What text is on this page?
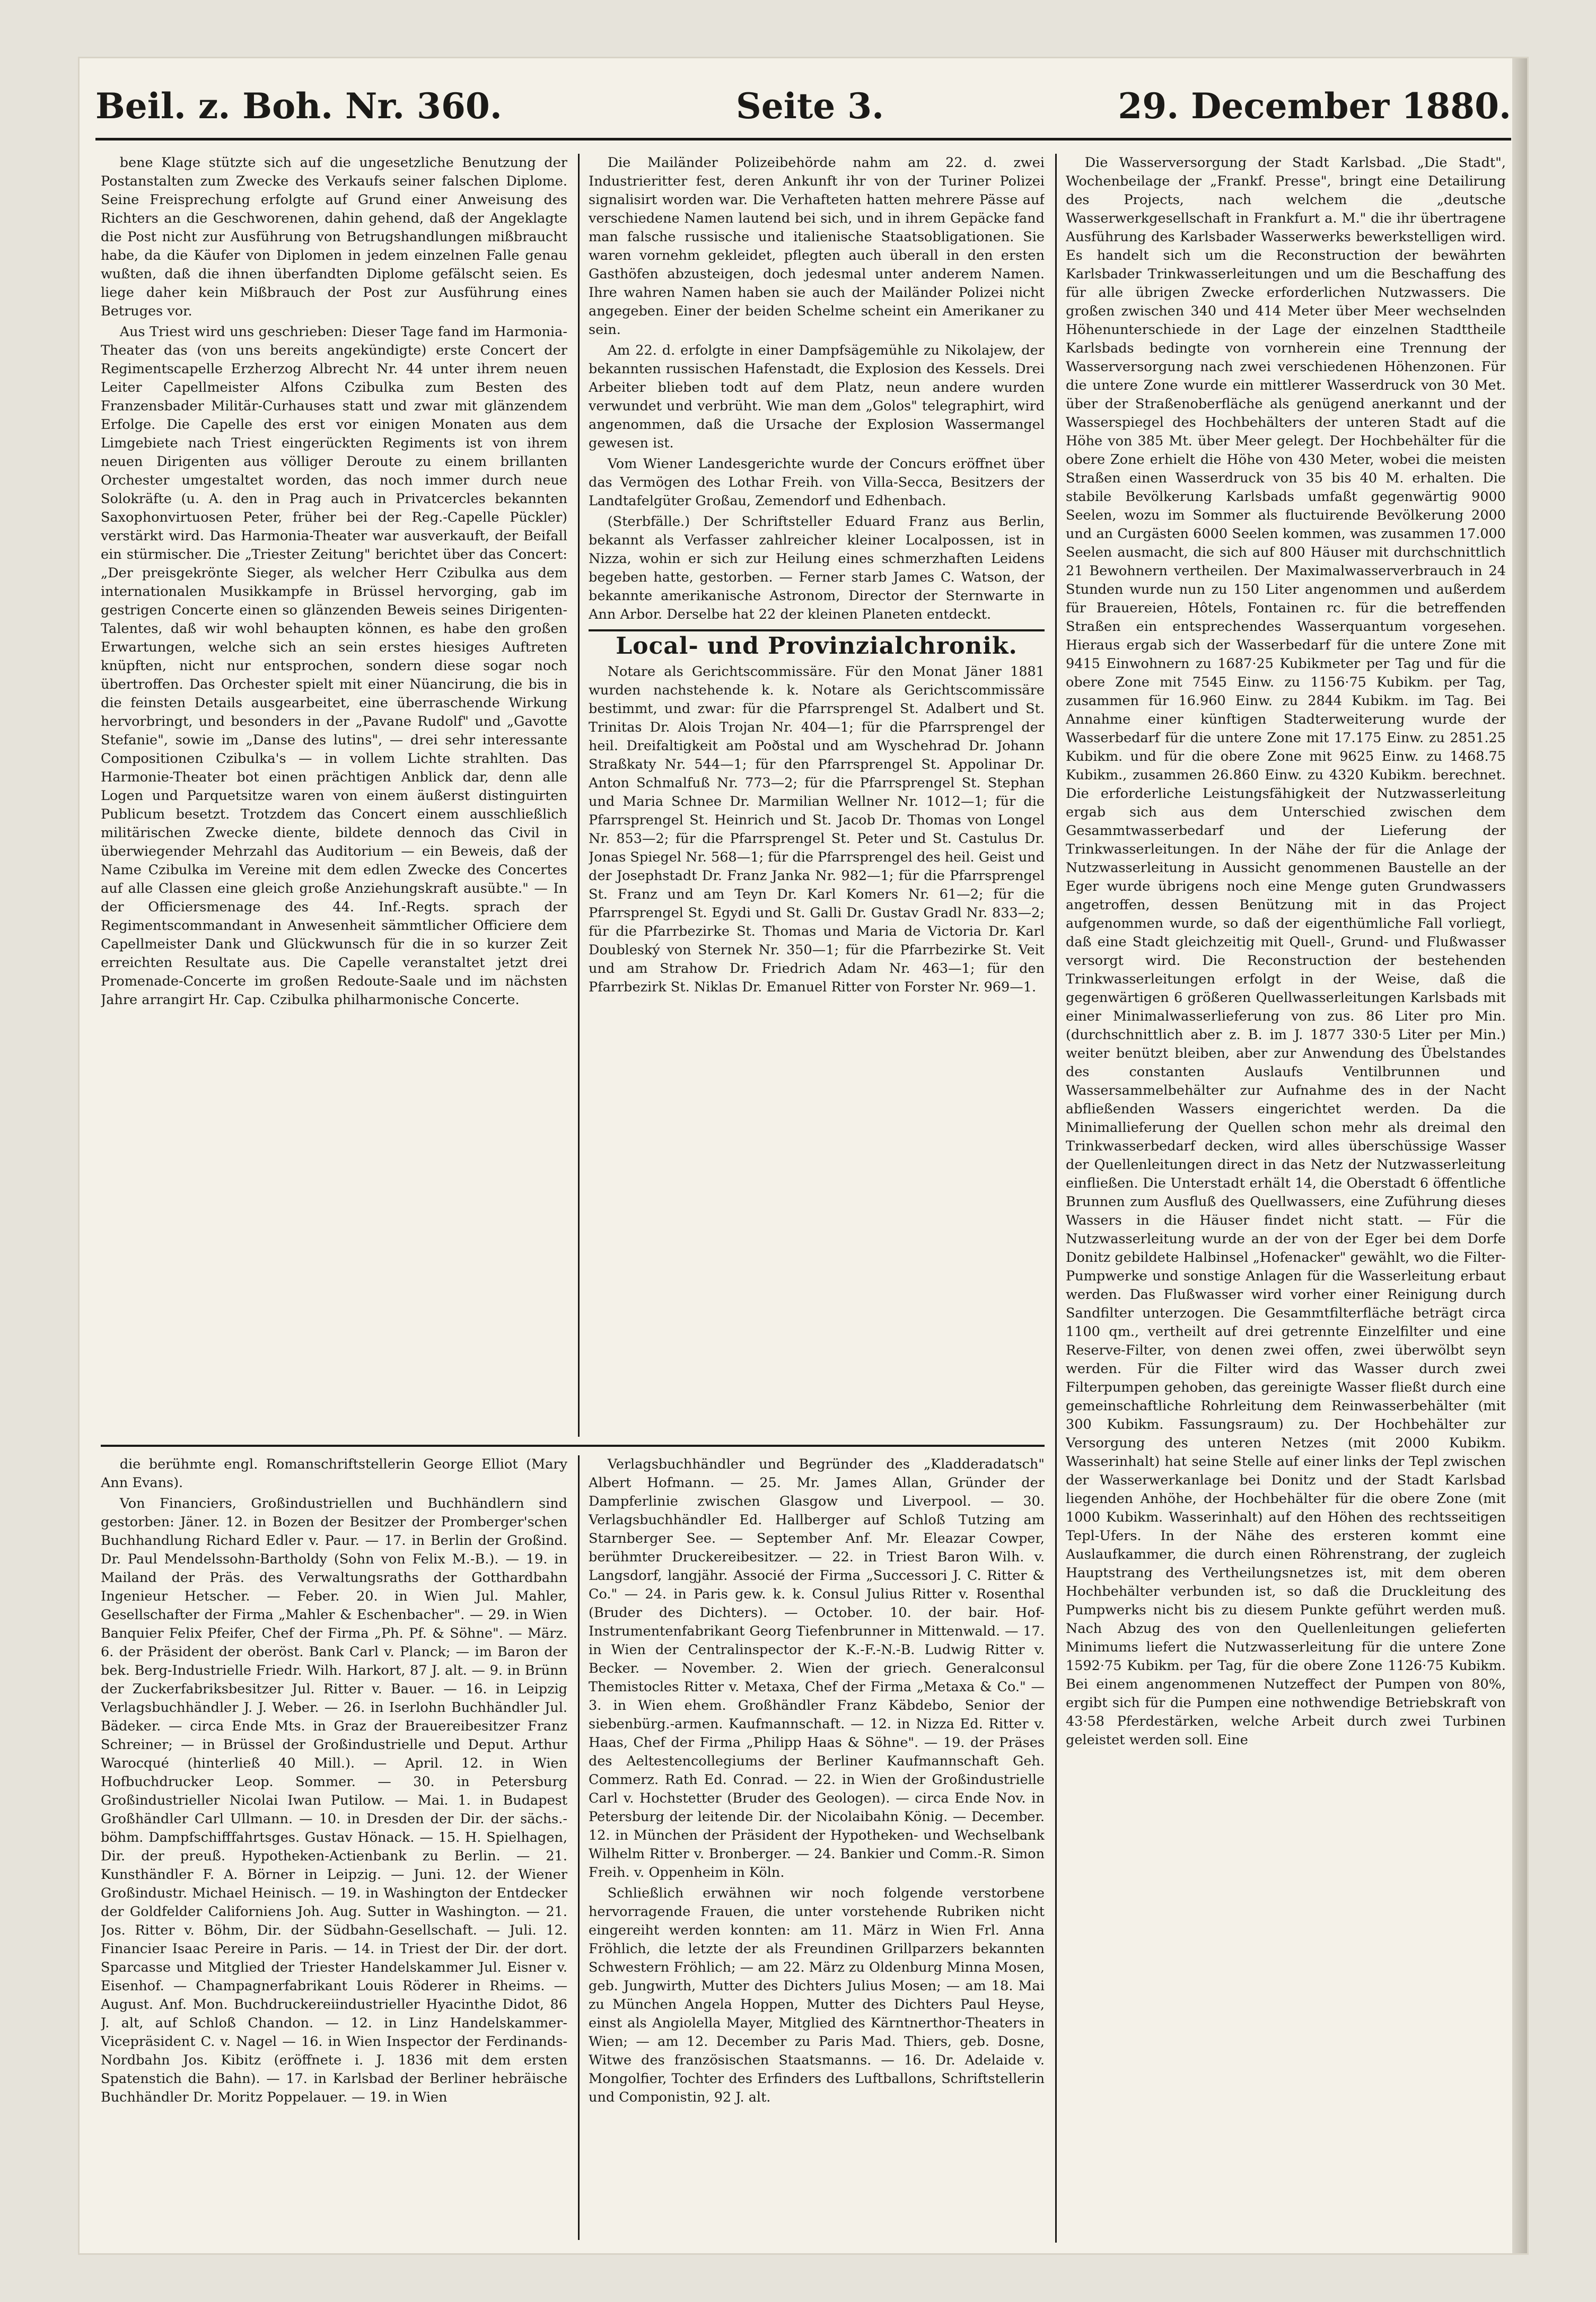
Beil. z. Boh. Nr. 360.	Seite 3.	29. December 1880.

bene Klage stützte sich auf die ungesetzliche Benutzung der Postanstalten zum Zwecke des Verkaufs seiner falschen Diplome. Seine Freisprechung erfolgte auf Grund einer Anweisung des Richters an die Geschworenen, dahin gehend, daß der Angeklagte die Post nicht zur Ausführung von Betrugshandlungen mißbraucht habe, da die Käufer von Diplomen in jedem einzelnen Falle genau wußten, daß die ihnen überfandten Diplome gefälscht seien. Es liege daher kein Mißbrauch der Post zur Ausführung eines Betruges vor.

Aus Triest wird uns geschrieben: Dieser Tage fand im Harmonia-Theater das (von uns bereits angekündigte) erste Concert der Regimentscapelle Erzherzog Albrecht Nr. 44 unter ihrem neuen Leiter Capellmeister Alfons Czibulka zum Besten des Franzensbader Militär-Curhauses statt und zwar mit glänzendem Erfolge. Die Capelle des erst vor einigen Monaten aus dem Limgebiete nach Triest eingerückten Regiments ist von ihrem neuen Dirigenten aus völliger Deroute zu einem brillanten Orchester umgestaltet worden, das noch immer durch neue Solokräfte (u. A. den in Prag auch in Privatcercles bekannten Saxophonvirtuosen Peter, früher bei der Reg.-Capelle Pückler) verstärkt wird. Das Harmonia-Theater war ausverkauft, der Beifall ein stürmischer. Die „Triester Zeitung" berichtet über das Concert: „Der preisgekrönte Sieger, als welcher Herr Czibulka aus dem internationalen Musikkampfe in Brüssel hervorging, gab im gestrigen Concerte einen so glänzenden Beweis seines Dirigenten-Talentes, daß wir wohl behaupten können, es habe den großen Erwartungen, welche sich an sein erstes hiesiges Auftreten knüpften, nicht nur entsprochen, sondern diese sogar noch übertroffen. Das Orchester spielt mit einer Nüancirung, die bis in die feinsten Details ausgearbeitet, eine überraschende Wirkung hervorbringt, und besonders in der „Pavane Rudolf" und „Gavotte Stefanie", sowie im „Danse des lutins", — drei sehr interessante Compositionen Czibulka's — in vollem Lichte strahlten. Das Harmonie-Theater bot einen prächtigen Anblick dar, denn alle Logen und Parquetsitze waren von einem äußerst distinguirten Publicum besetzt. Trotzdem das Concert einem ausschließlich militärischen Zwecke diente, bildete dennoch das Civil in überwiegender Mehrzahl das Auditorium — ein Beweis, daß der Name Czibulka im Vereine mit dem edlen Zwecke des Concertes auf alle Classen eine gleich große Anziehungskraft ausübte." — In der Officiersmenage des 44. Inf.-Regts. sprach der Regimentscommandant in Anwesenheit sämmtlicher Officiere dem Capellmeister Dank und Glückwunsch für die in so kurzer Zeit erreichten Resultate aus. Die Capelle veranstaltet jetzt drei Promenade-Concerte im großen Redoute-Saale und im nächsten Jahre arrangirt Hr. Cap. Czibulka philharmonische Concerte.

Die Mailänder Polizeibehörde nahm am 22. d. zwei Industrieritter fest, deren Ankunft ihr von der Turiner Polizei signalisirt worden war. Die Verhafteten hatten mehrere Pässe auf verschiedene Namen lautend bei sich, und in ihrem Gepäcke fand man falsche russische und italienische Staatsobligationen. Sie waren vornehm gekleidet, pflegten auch überall in den ersten Gasthöfen abzusteigen, doch jedesmal unter anderem Namen. Ihre wahren Namen haben sie auch der Mailänder Polizei nicht angegeben. Einer der beiden Schelme scheint ein Amerikaner zu sein.

Am 22. d. erfolgte in einer Dampfsägemühle zu Nikolajew, der bekannten russischen Hafenstadt, die Explosion des Kessels. Drei Arbeiter blieben todt auf dem Platz, neun andere wurden verwundet und verbrüht. Wie man dem „Golos" telegraphirt, wird angenommen, daß die Ursache der Explosion Wassermangel gewesen ist.

Vom Wiener Landesgerichte wurde der Concurs eröffnet über das Vermögen des Lothar Freih. von Villa-Secca, Besitzers der Landtafelgüter Großau, Zemendorf und Edhenbach.

(Sterbfälle.) Der Schriftsteller Eduard Franz aus Berlin, bekannt als Verfasser zahlreicher kleiner Localpossen, ist in Nizza, wohin er sich zur Heilung eines schmerzhaften Leidens begeben hatte, gestorben. — Ferner starb James C. Watson, der bekannte amerikanische Astronom, Director der Sternwarte in Ann Arbor. Derselbe hat 22 der kleinen Planeten entdeckt.

Local- und Provinzialchronik.

Notare als Gerichtscommissäre. Für den Monat Jäner 1881 wurden nachstehende k. k. Notare als Gerichtscommissäre bestimmt, und zwar: für die Pfarrsprengel St. Adalbert und St. Trinitas Dr. Alois Trojan Nr. 404—1; für die Pfarrsprengel der heil. Dreifaltigkeit am Poðstal und am Wyschehrad Dr. Johann Straßkaty Nr. 544—1; für den Pfarrsprengel St. Appolinar Dr. Anton Schmalfuß Nr. 773—2; für die Pfarrsprengel St. Stephan und Maria Schnee Dr. Marmilian Wellner Nr. 1012—1; für die Pfarrsprengel St. Heinrich und St. Jacob Dr. Thomas von Longel Nr. 853—2; für die Pfarrsprengel St. Peter und St. Castulus Dr. Jonas Spiegel Nr. 568—1; für die Pfarrsprengel des heil. Geist und der Josephstadt Dr. Franz Janka Nr. 982—1; für die Pfarrsprengel St. Franz und am Teyn Dr. Karl Komers Nr. 61—2; für die Pfarrsprengel St. Egydi und St. Galli Dr. Gustav Gradl Nr. 833—2; für die Pfarrbezirke St. Thomas und Maria de Victoria Dr. Karl Doubleský von Sternek Nr. 350—1; für die Pfarrbezirke St. Veit und am Strahow Dr. Friedrich Adam Nr. 463—1; für den Pfarrbezirk St. Niklas Dr. Emanuel Ritter von Forster Nr. 969—1.

Die Wasserversorgung der Stadt Karlsbad. „Die Stadt", Wochenbeilage der „Frankf. Presse", bringt eine Detailirung des Projects, nach welchem die „deutsche Wasserwerkgesellschaft in Frankfurt a. M." die ihr übertragene Ausführung des Karlsbader Wasserwerks bewerkstelligen wird. Es handelt sich um die Reconstruction der bewährten Karlsbader Trinkwasserleitungen und um die Beschaffung des für alle übrigen Zwecke erforderlichen Nutzwassers. Die großen zwischen 340 und 414 Meter über Meer wechselnden Höhenunterschiede in der Lage der einzelnen Stadttheile Karlsbads bedingte von vornherein eine Trennung der Wasserversorgung nach zwei verschiedenen Höhenzonen. Für die untere Zone wurde ein mittlerer Wasserdruck von 30 Met. über der Straßenoberfläche als genügend anerkannt und der Wasserspiegel des Hochbehälters der unteren Stadt auf die Höhe von 385 Mt. über Meer gelegt. Der Hochbehälter für die obere Zone erhielt die Höhe von 430 Meter, wobei die meisten Straßen einen Wasserdruck von 35 bis 40 M. erhalten. Die stabile Bevölkerung Karlsbads umfaßt gegenwärtig 9000 Seelen, wozu im Sommer als fluctuirende Bevölkerung 2000 und an Curgästen 6000 Seelen kommen, was zusammen 17.000 Seelen ausmacht, die sich auf 800 Häuser mit durchschnittlich 21 Bewohnern vertheilen. Der Maximalwasserverbrauch in 24 Stunden wurde nun zu 150 Liter angenommen und außerdem für Brauereien, Hôtels, Fontainen rc. für die betreffenden Straßen ein entsprechendes Wasserquantum vorgesehen. Hieraus ergab sich der Wasserbedarf für die untere Zone mit 9415 Einwohnern zu 1687·25 Kubikmeter per Tag und für die obere Zone mit 7545 Einw. zu 1156·75 Kubikm. per Tag, zusammen für 16.960 Einw. zu 2844 Kubikm. im Tag. Bei Annahme einer künftigen Stadterweiterung wurde der Wasserbedarf für die untere Zone mit 17.175 Einw. zu 2851.25 Kubikm. und für die obere Zone mit 9625 Einw. zu 1468.75 Kubikm., zusammen 26.860 Einw. zu 4320 Kubikm. berechnet. Die erforderliche Leistungsfähigkeit der Nutzwasserleitung ergab sich aus dem Unterschied zwischen dem Gesammtwasserbedarf und der Lieferung der Trinkwasserleitungen. In der Nähe der für die Anlage der Nutzwasserleitung in Aussicht genommenen Baustelle an der Eger wurde übrigens noch eine Menge guten Grundwassers angetroffen, dessen Benützung mit in das Project aufgenommen wurde, so daß der eigenthümliche Fall vorliegt, daß eine Stadt gleichzeitig mit Quell-, Grund- und Flußwasser versorgt wird. Die Reconstruction der bestehenden Trinkwasserleitungen erfolgt in der Weise, daß die gegenwärtigen 6 größeren Quellwasserleitungen Karlsbads mit einer Minimalwasserlieferung von zus. 86 Liter pro Min. (durchschnittlich aber z. B. im J. 1877 330·5 Liter per Min.) weiter benützt bleiben, aber zur Anwendung des Übelstandes des constanten Auslaufs Ventilbrunnen und Wassersammelbehälter zur Aufnahme des in der Nacht abfließenden Wassers eingerichtet werden. Da die Minimallieferung der Quellen schon mehr als dreimal den Trinkwasserbedarf decken, wird alles überschüssige Wasser der Quellenleitungen direct in das Netz der Nutzwasserleitung einfließen. Die Unterstadt erhält 14, die Oberstadt 6 öffentliche Brunnen zum Ausfluß des Quellwassers, eine Zuführung dieses Wassers in die Häuser findet nicht statt. — Für die Nutzwasserleitung wurde an der von der Eger bei dem Dorfe Donitz gebildete Halbinsel „Hofenacker" gewählt, wo die Filter-Pumpwerke und sonstige Anlagen für die Wasserleitung erbaut werden. Das Flußwasser wird vorher einer Reinigung durch Sandfilter unterzogen. Die Gesammtfilterfläche beträgt circa 1100 qm., vertheilt auf drei getrennte Einzelfilter und eine Reserve-Filter, von denen zwei offen, zwei überwölbt seyn werden. Für die Filter wird das Wasser durch zwei Filterpumpen gehoben, das gereinigte Wasser fließt durch eine gemeinschaftliche Rohrleitung dem Reinwasserbehälter (mit 300 Kubikm. Fassungsraum) zu. Der Hochbehälter zur Versorgung des unteren Netzes (mit 2000 Kubikm. Wasserinhalt) hat seine Stelle auf einer links der Tepl zwischen der Wasserwerkanlage bei Donitz und der Stadt Karlsbad liegenden Anhöhe, der Hochbehälter für die obere Zone (mit 1000 Kubikm. Wasserinhalt) auf den Höhen des rechtsseitigen Tepl-Ufers. In der Nähe des ersteren kommt eine Auslaufkammer, die durch einen Röhrenstrang, der zugleich Hauptstrang des Vertheilungsnetzes ist, mit dem oberen Hochbehälter verbunden ist, so daß die Druckleitung des Pumpwerks nicht bis zu diesem Punkte geführt werden muß. Nach Abzug des von den Quellenleitungen gelieferten Minimums liefert die Nutzwasserleitung für die untere Zone 1592·75 Kubikm. per Tag, für die obere Zone 1126·75 Kubikm. Bei einem angenommenen Nutzeffect der Pumpen von 80%, ergibt sich für die Pumpen eine nothwendige Betriebskraft von 43·58 Pferdestärken, welche Arbeit durch zwei Turbinen geleistet werden soll. Eine

die berühmte engl. Romanschriftstellerin George Elliot (Mary Ann Evans).

Von Financiers, Großindustriellen und Buchhändlern sind gestorben: Jäner. 12. in Bozen der Besitzer der Promberger'schen Buchhandlung Richard Edler v. Paur. — 17. in Berlin der Großind. Dr. Paul Mendelssohn-Bartholdy (Sohn von Felix M.-B.). — 19. in Mailand der Präs. des Verwaltungsraths der Gotthardbahn Ingenieur Hetscher. — Feber. 20. in Wien Jul. Mahler, Gesellschafter der Firma „Mahler & Eschenbacher". — 29. in Wien Banquier Felix Pfeifer, Chef der Firma „Ph. Pf. & Söhne". — März. 6. der Präsident der oberöst. Bank Carl v. Planck; — im Baron der bek. Berg-Industrielle Friedr. Wilh. Harkort, 87 J. alt. — 9. in Brünn der Zuckerfabriksbesitzer Jul. Ritter v. Bauer. — 16. in Leipzig Verlagsbuchhändler J. J. Weber. — 26. in Iserlohn Buchhändler Jul. Bädeker. — circa Ende Mts. in Graz der Brauereibesitzer Franz Schreiner; — in Brüssel der Großindustrielle und Deput. Arthur Warocqué (hinterließ 40 Mill.). — April. 12. in Wien Hofbuchdrucker Leop. Sommer. — 30. in Petersburg Großindustrieller Nicolai Iwan Putilow. — Mai. 1. in Budapest Großhändler Carl Ullmann. — 10. in Dresden der Dir. der sächs.-böhm. Dampfschifffahrtsges. Gustav Hönack. — 15. H. Spielhagen, Dir. der preuß. Hypotheken-Actienbank zu Berlin. — 21. Kunsthändler F. A. Börner in Leipzig. — Juni. 12. der Wiener Großindustr. Michael Heinisch. — 19. in Washington der Entdecker der Goldfelder Californiens Joh. Aug. Sutter in Washington. — 21. Jos. Ritter v. Böhm, Dir. der Südbahn-Gesellschaft. — Juli. 12. Financier Isaac Pereire in Paris. — 14. in Triest der Dir. der dort. Sparcasse und Mitglied der Triester Handelskammer Jul. Eisner v. Eisenhof. — Champagnerfabrikant Louis Röderer in Rheims. — August. Anf. Mon. Buchdruckereiindustrieller Hyacinthe Didot, 86 J. alt, auf Schloß Chandon. — 12. in Linz Handelskammer-Vicepräsident C. v. Nagel — 16. in Wien Inspector der Ferdinands-Nordbahn Jos. Kibitz (eröffnete i. J. 1836 mit dem ersten Spatenstich die Bahn). — 17. in Karlsbad der Berliner hebräische Buchhändler Dr. Moritz Poppelauer. — 19. in Wien

Verlagsbuchhändler und Begründer des „Kladderadatsch" Albert Hofmann. — 25. Mr. James Allan, Gründer der Dampferlinie zwischen Glasgow und Liverpool. — 30. Verlagsbuchhändler Ed. Hallberger auf Schloß Tutzing am Starnberger See. — September Anf. Mr. Eleazar Cowper, berühmter Druckereibesitzer. — 22. in Triest Baron Wilh. v. Langsdorf, langjähr. Associé der Firma „Successori J. C. Ritter & Co." — 24. in Paris gew. k. k. Consul Julius Ritter v. Rosenthal (Bruder des Dichters). — October. 10. der bair. Hof-Instrumentenfabrikant Georg Tiefenbrunner in Mittenwald. — 17. in Wien der Centralinspector der K.-F.-N.-B. Ludwig Ritter v. Becker. — November. 2. Wien der griech. Generalconsul Themistocles Ritter v. Metaxa, Chef der Firma „Metaxa & Co." — 3. in Wien ehem. Großhändler Franz Käbdebo, Senior der siebenbürg.-armen. Kaufmannschaft. — 12. in Nizza Ed. Ritter v. Haas, Chef der Firma „Philipp Haas & Söhne". — 19. der Präses des Aeltestencollegiums der Berliner Kaufmannschaft Geh. Commerz. Rath Ed. Conrad. — 22. in Wien der Großindustrielle Carl v. Hochstetter (Bruder des Geologen). — circa Ende Nov. in Petersburg der leitende Dir. der Nicolaibahn König. — December. 12. in München der Präsident der Hypotheken- und Wechselbank Wilhelm Ritter v. Bronberger. — 24. Bankier und Comm.-R. Simon Freih. v. Oppenheim in Köln.

Schließlich erwähnen wir noch folgende verstorbene hervorragende Frauen, die unter vorstehende Rubriken nicht eingereiht werden konnten: am 11. März in Wien Frl. Anna Fröhlich, die letzte der als Freundinen Grillparzers bekannten Schwestern Fröhlich; — am 22. März zu Oldenburg Minna Mosen, geb. Jungwirth, Mutter des Dichters Julius Mosen; — am 18. Mai zu München Angela Hoppen, Mutter des Dichters Paul Heyse, einst als Angiolella Mayer, Mitglied des Kärntnerthor-Theaters in Wien; — am 12. December zu Paris Mad. Thiers, geb. Dosne, Witwe des französischen Staatsmanns. — 16. Dr. Adelaide v. Mongolfier, Tochter des Erfinders des Luftballons, Schriftstellerin und Componistin, 92 J. alt.
